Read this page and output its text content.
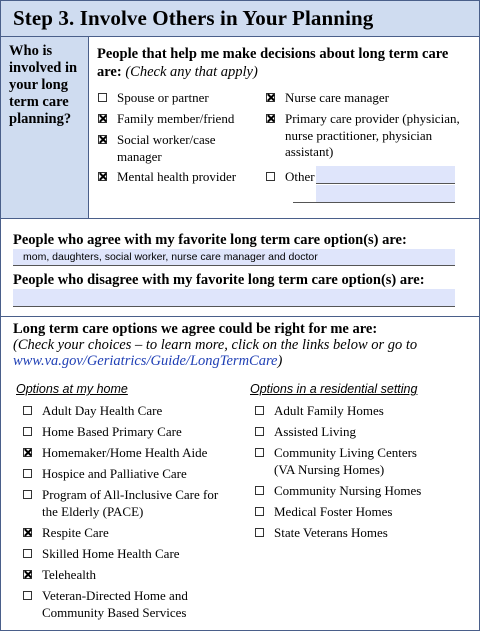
Step 3. Involve Others in Your Planning
Who is involved in your long term care planning?
People that help me make decisions about long term care are: (Check any that apply)
Spouse or partner
Family member/friend
Social worker/case manager
Mental health provider
Nurse care manager
Primary care provider (physician, nurse practitioner, physician assistant)
Other
People who agree with my favorite long term care option(s) are:
mom, daughters, social worker, nurse care manager and doctor
People who disagree with my favorite long term care option(s) are:
Long term care options we agree could be right for me are:
(Check your choices – to learn more, click on the links below or go to www.va.gov/Geriatrics/Guide/LongTermCare)
Options at my home	Options in a residential setting
Adult Day Health Care
Home Based Primary Care
Homemaker/Home Health Aide
Hospice and Palliative Care
Program of All-Inclusive Care for the Elderly (PACE)
Respite Care
Skilled Home Health Care
Telehealth
Veteran-Directed Home and Community Based Services
Adult Family Homes
Assisted Living
Community Living Centers (VA Nursing Homes)
Community Nursing Homes
Medical Foster Homes
State Veterans Homes
